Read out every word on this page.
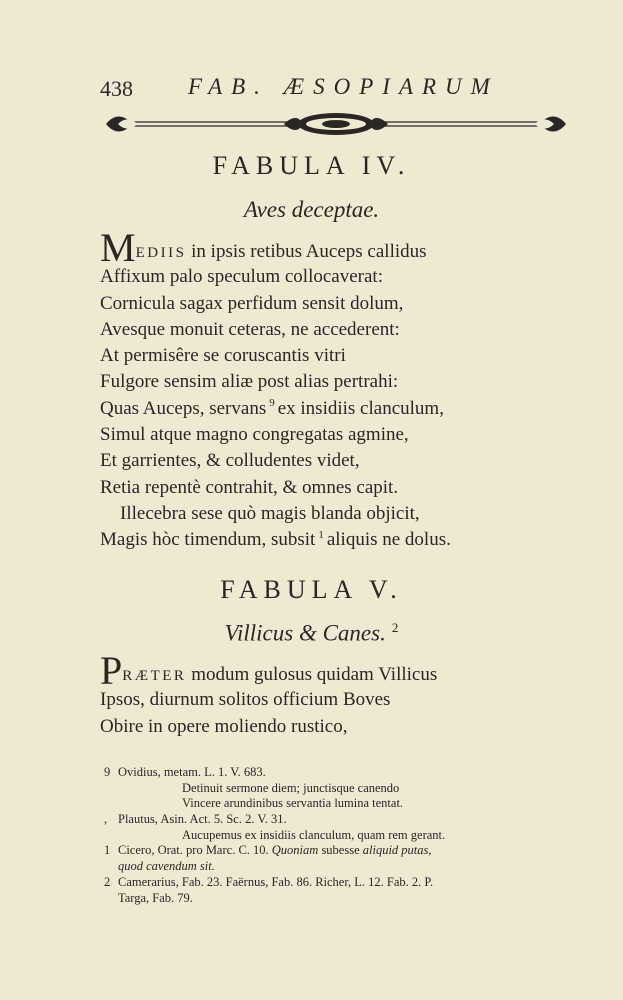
438 FAB. ÆSOPIARUM
FABULA IV.
Aves deceptae.
MEDIIS in ipsis retibus Auceps callidus
Affixum palo speculum collocaverat:
Cornicula sagax perfidum sensit dolum,
Avesque monuit ceteras, ne accederent:
At permisêre se coruscantis vitri
Fulgore sensim aliæ post alias pertrahi:
Quas Auceps, servans $^9$ ex insidiis clanculum,
Simul atque magno congregatas agmine,
Et garrientes, & colludentes videt,
Retia repentè contrahit, & omnes capit.
Illecebra sese quò magis blanda objicit,
Magis hòc timendum, subsit $^1$ aliquis ne dolus.
FABULA V.
Villicus & Canes. $^2$
PRÆTER modum gulosus quidam Villicus
Ipsos, diurnum solitos officium Boves
Obire in opere moliendo rustico,
9 Ovidius, metam. L. 1. V. 683.
Detinuit sermone diem; junctisque canendo
Vincere arundinibus servantia lumina tentat.
, Plautus, Asin. Act. 5. Sc. 2. V. 31.
Aucupemus ex insidiis clanculum, quam rem gerant.
1 Cicero, Orat. pro Marc. C. 10. Quoniam subesse aliquid putas,
quod cavendum sit.
2 Camerarius, Fab. 23. Faërnus, Fab. 86. Richer, L. 12. Fab. 2. P.
Targa, Fab. 79.
